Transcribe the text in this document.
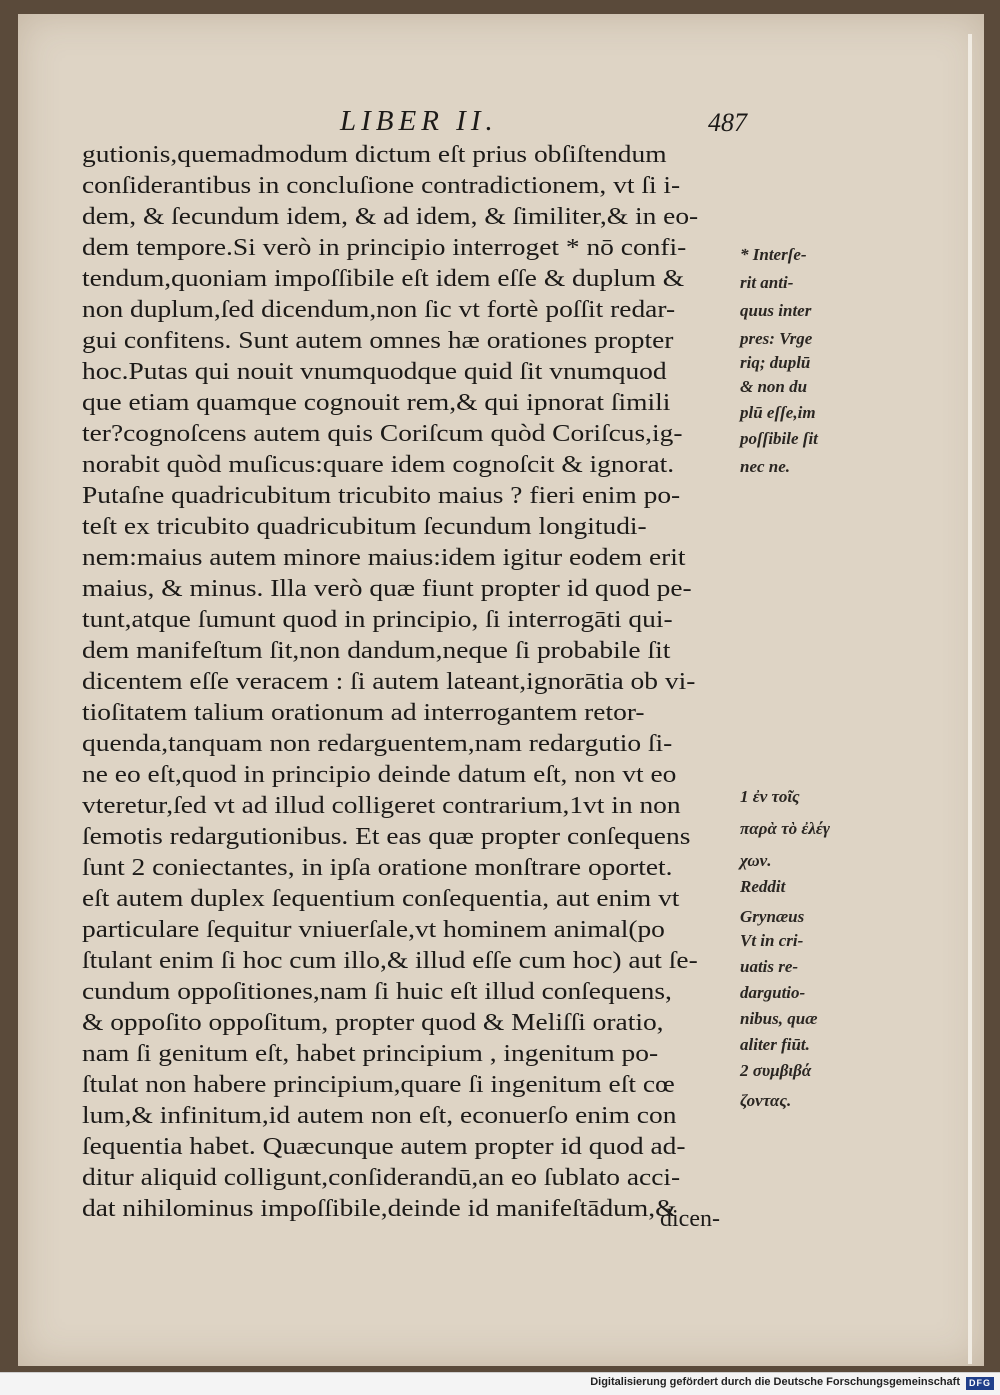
LIBER II.	487
gutionis,quemadmodum dictum eſt prius obſiſtendum
conſiderantibus in concluſione contradictionem, vt ſi i-
dem, & ſecundum idem, & ad idem, & ſimiliter,& in eo-
dem tempore.Si verò in principio interroget * nō confi-
tendum,quoniam impoſſibile eſt idem eſſe & duplum &
non duplum,ſed dicendum,non ſic vt fortè poſſit redar-
gui confitens. Sunt autem omnes hæ orationes propter
hoc.Putas qui nouit vnumquodque quid ſit vnumquod
que etiam quamque cognouit rem,& qui ipnorat ſimili
ter?cognoſcens autem quis Coriſcum quòd Coriſcus,ig-
norabit quòd muſicus:quare idem cognoſcit & ignorat.
Putaſne quadricubitum tricubito maius ? fieri enim po-
teſt ex tricubito quadricubitum ſecundum longitudi-
nem:maius autem minore maius:idem igitur eodem erit
maius, & minus. Illa verò quæ fiunt propter id quod pe-
tunt,atque ſumunt quod in principio, ſi interrogāti qui-
dem manifeſtum ſit,non dandum,neque ſi probabile ſit
dicentem eſſe veracem : ſi autem lateant,ignorātia ob vi-
tioſitatem talium orationum ad interrogantem retor-
quenda,tanquam non redarguentem,nam redargutio ſi-
ne eo eſt,quod in principio deinde datum eſt, non vt eo
vteretur,ſed vt ad illud colligeret contrarium,1vt in non
ſemotis redargutionibus. Et eas quæ propter conſequens
ſunt 2 coniectantes, in ipſa oratione monſtrare oportet.
eſt autem duplex ſequentium conſequentia, aut enim vt
particulare ſequitur vniuerſale,vt hominem animal(po
ſtulant enim ſi hoc cum illo,& illud eſſe cum hoc) aut ſe-
cundum oppoſitiones,nam ſi huic eſt illud conſequens,
& oppoſito oppoſitum, propter quod & Meliſſi oratio,
nam ſi genitum eſt, habet principium , ingenitum po-
ſtulat non habere principium,quare ſi ingenitum eſt cœ
lum,& infinitum,id autem non eſt, econuerſo enim con
ſequentia habet. Quæcunque autem propter id quod ad-
ditur aliquid colligunt,conſiderandū,an eo ſublato acci-
dat nihilominus impoſſibile,deinde id manifeſtādum,&
dicen-
* Interſe-
rit anti-
quus inter
pres: Vrge
riq; duplū
& non du
plū eſſe,im
poſſibile ſit
nec ne.
1 ἐν τοῖς
παρὰ τὸ ἐλέγ
χων.
Reddit
Grynæus
Vt in cri-
uatis re-
dargutio-
nibus, quæ
aliter fiūt.
2 συμβιβά
ζοντας.
Digitalisierung gefördert durch die Deutsche Forschungsgemeinschaft	DFG
